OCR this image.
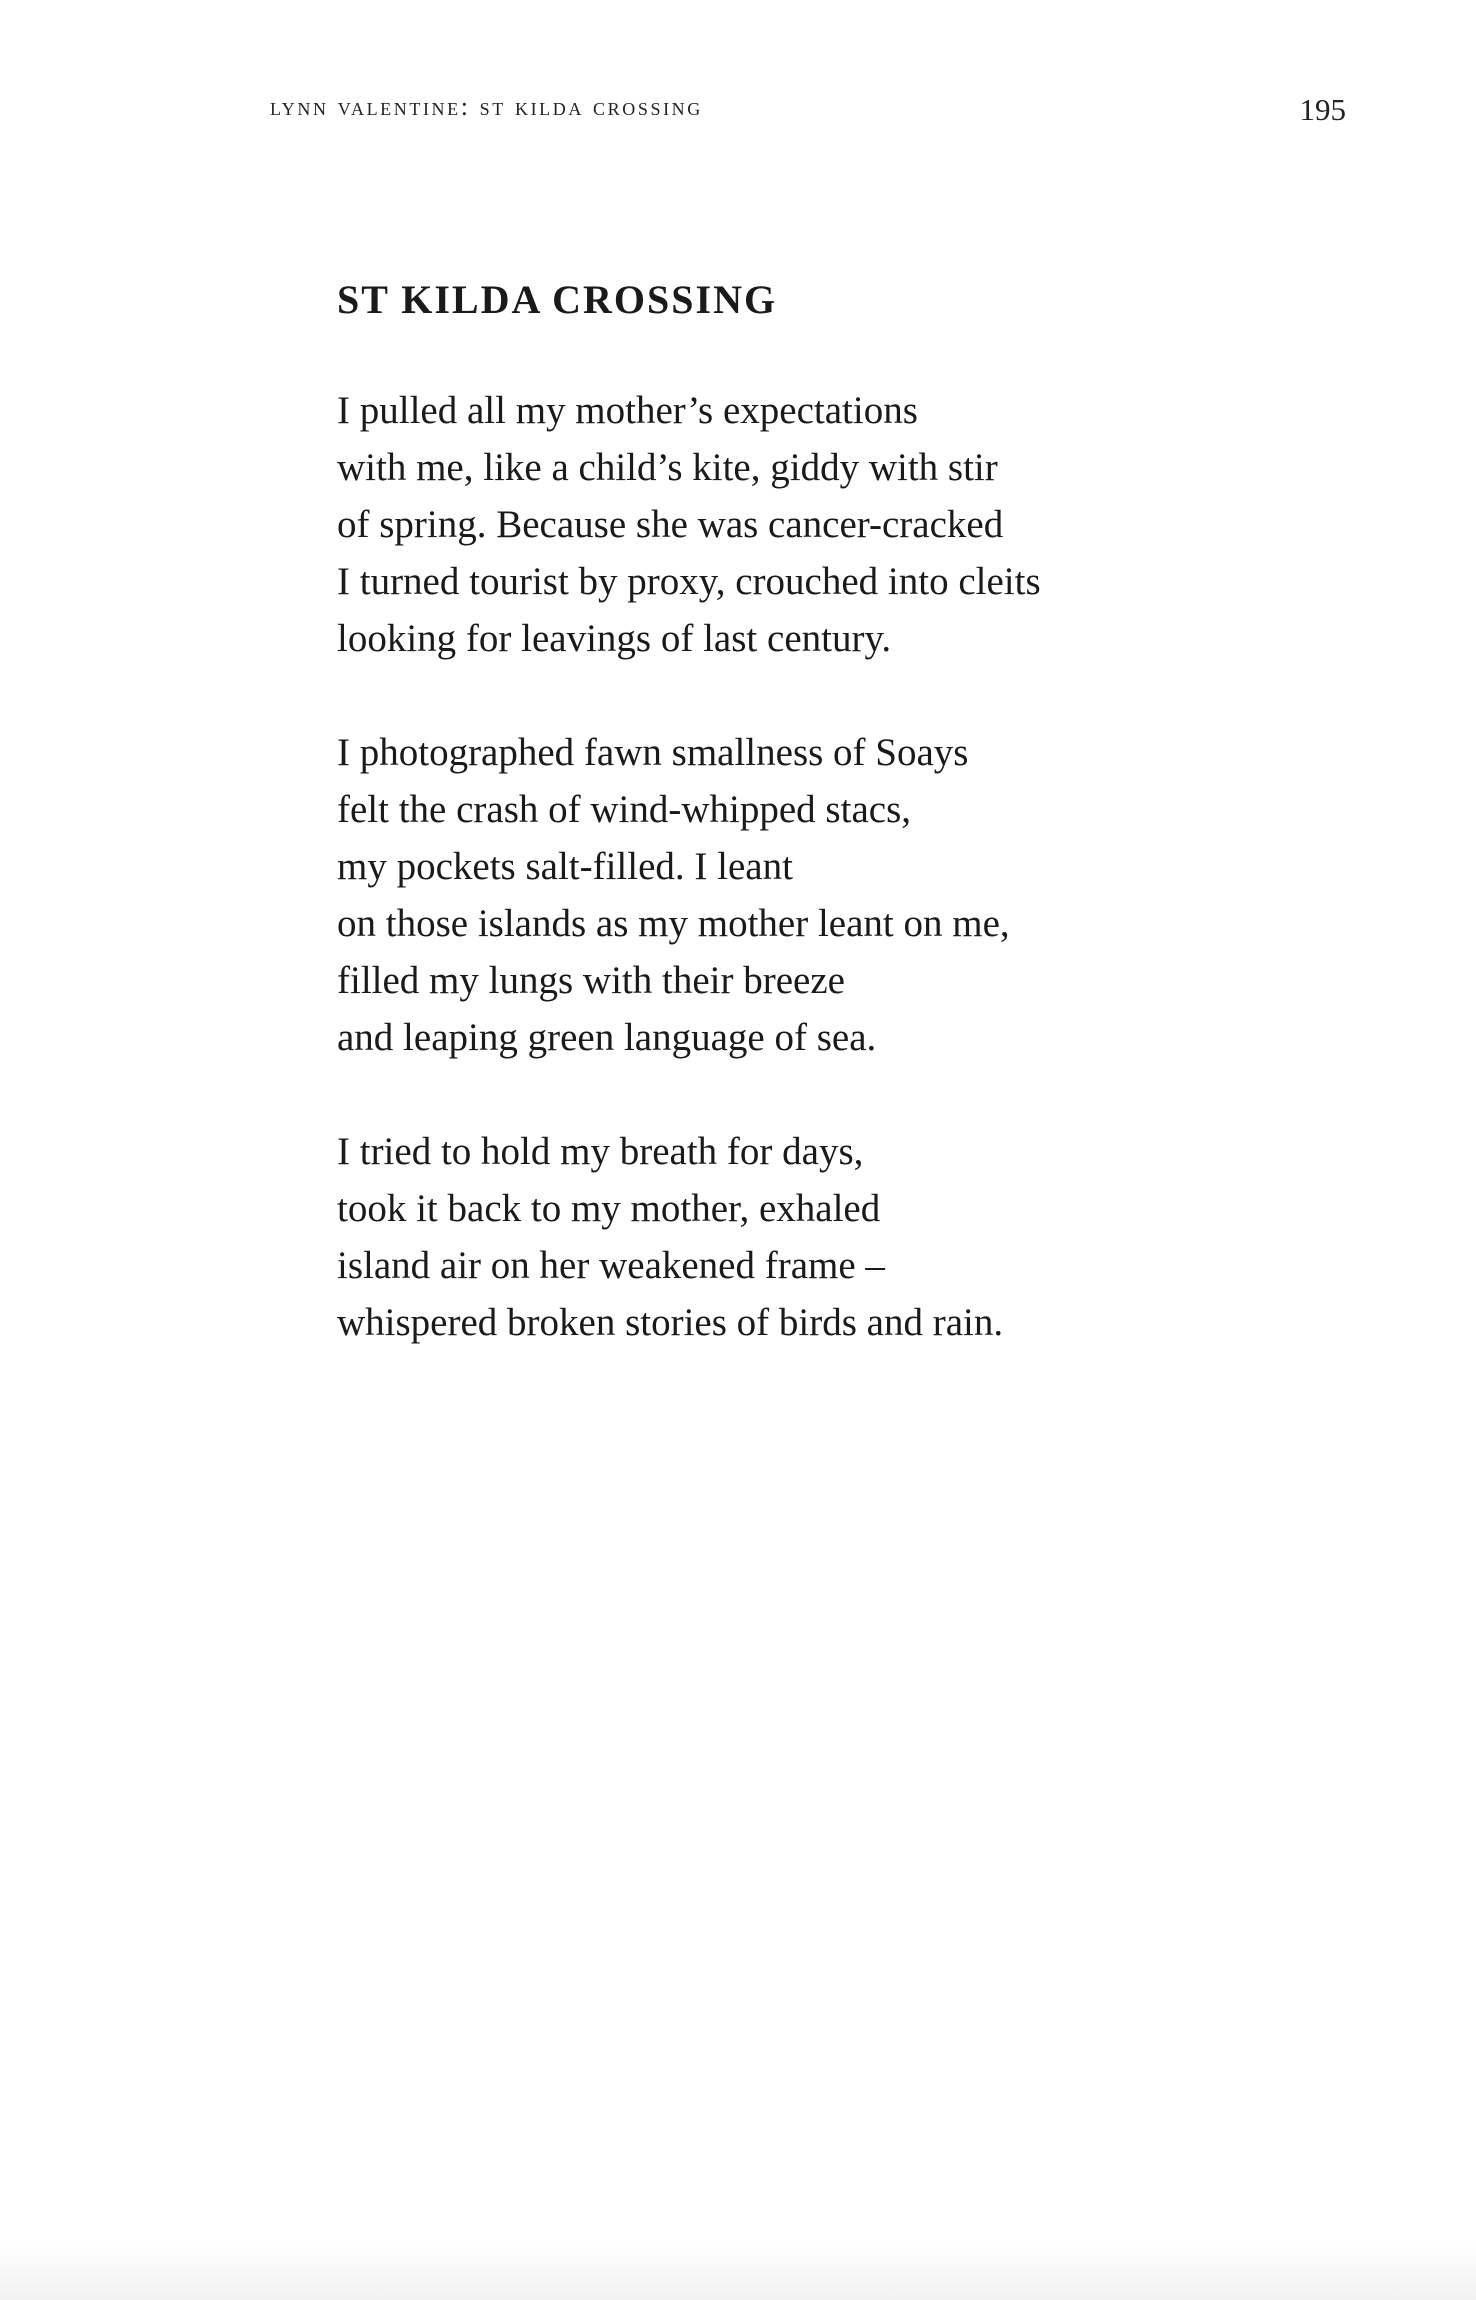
lynn valentine: st kilda crossing	195
ST KILDA CROSSING
I pulled all my mother’s expectations
with me, like a child’s kite, giddy with stir
of spring. Because she was cancer-cracked
I turned tourist by proxy, crouched into cleits
looking for leavings of last century.
I photographed fawn smallness of Soays
felt the crash of wind-whipped stacs,
my pockets salt-filled. I leant
on those islands as my mother leant on me,
filled my lungs with their breeze
and leaping green language of sea.
I tried to hold my breath for days,
took it back to my mother, exhaled
island air on her weakened frame –
whispered broken stories of birds and rain.
